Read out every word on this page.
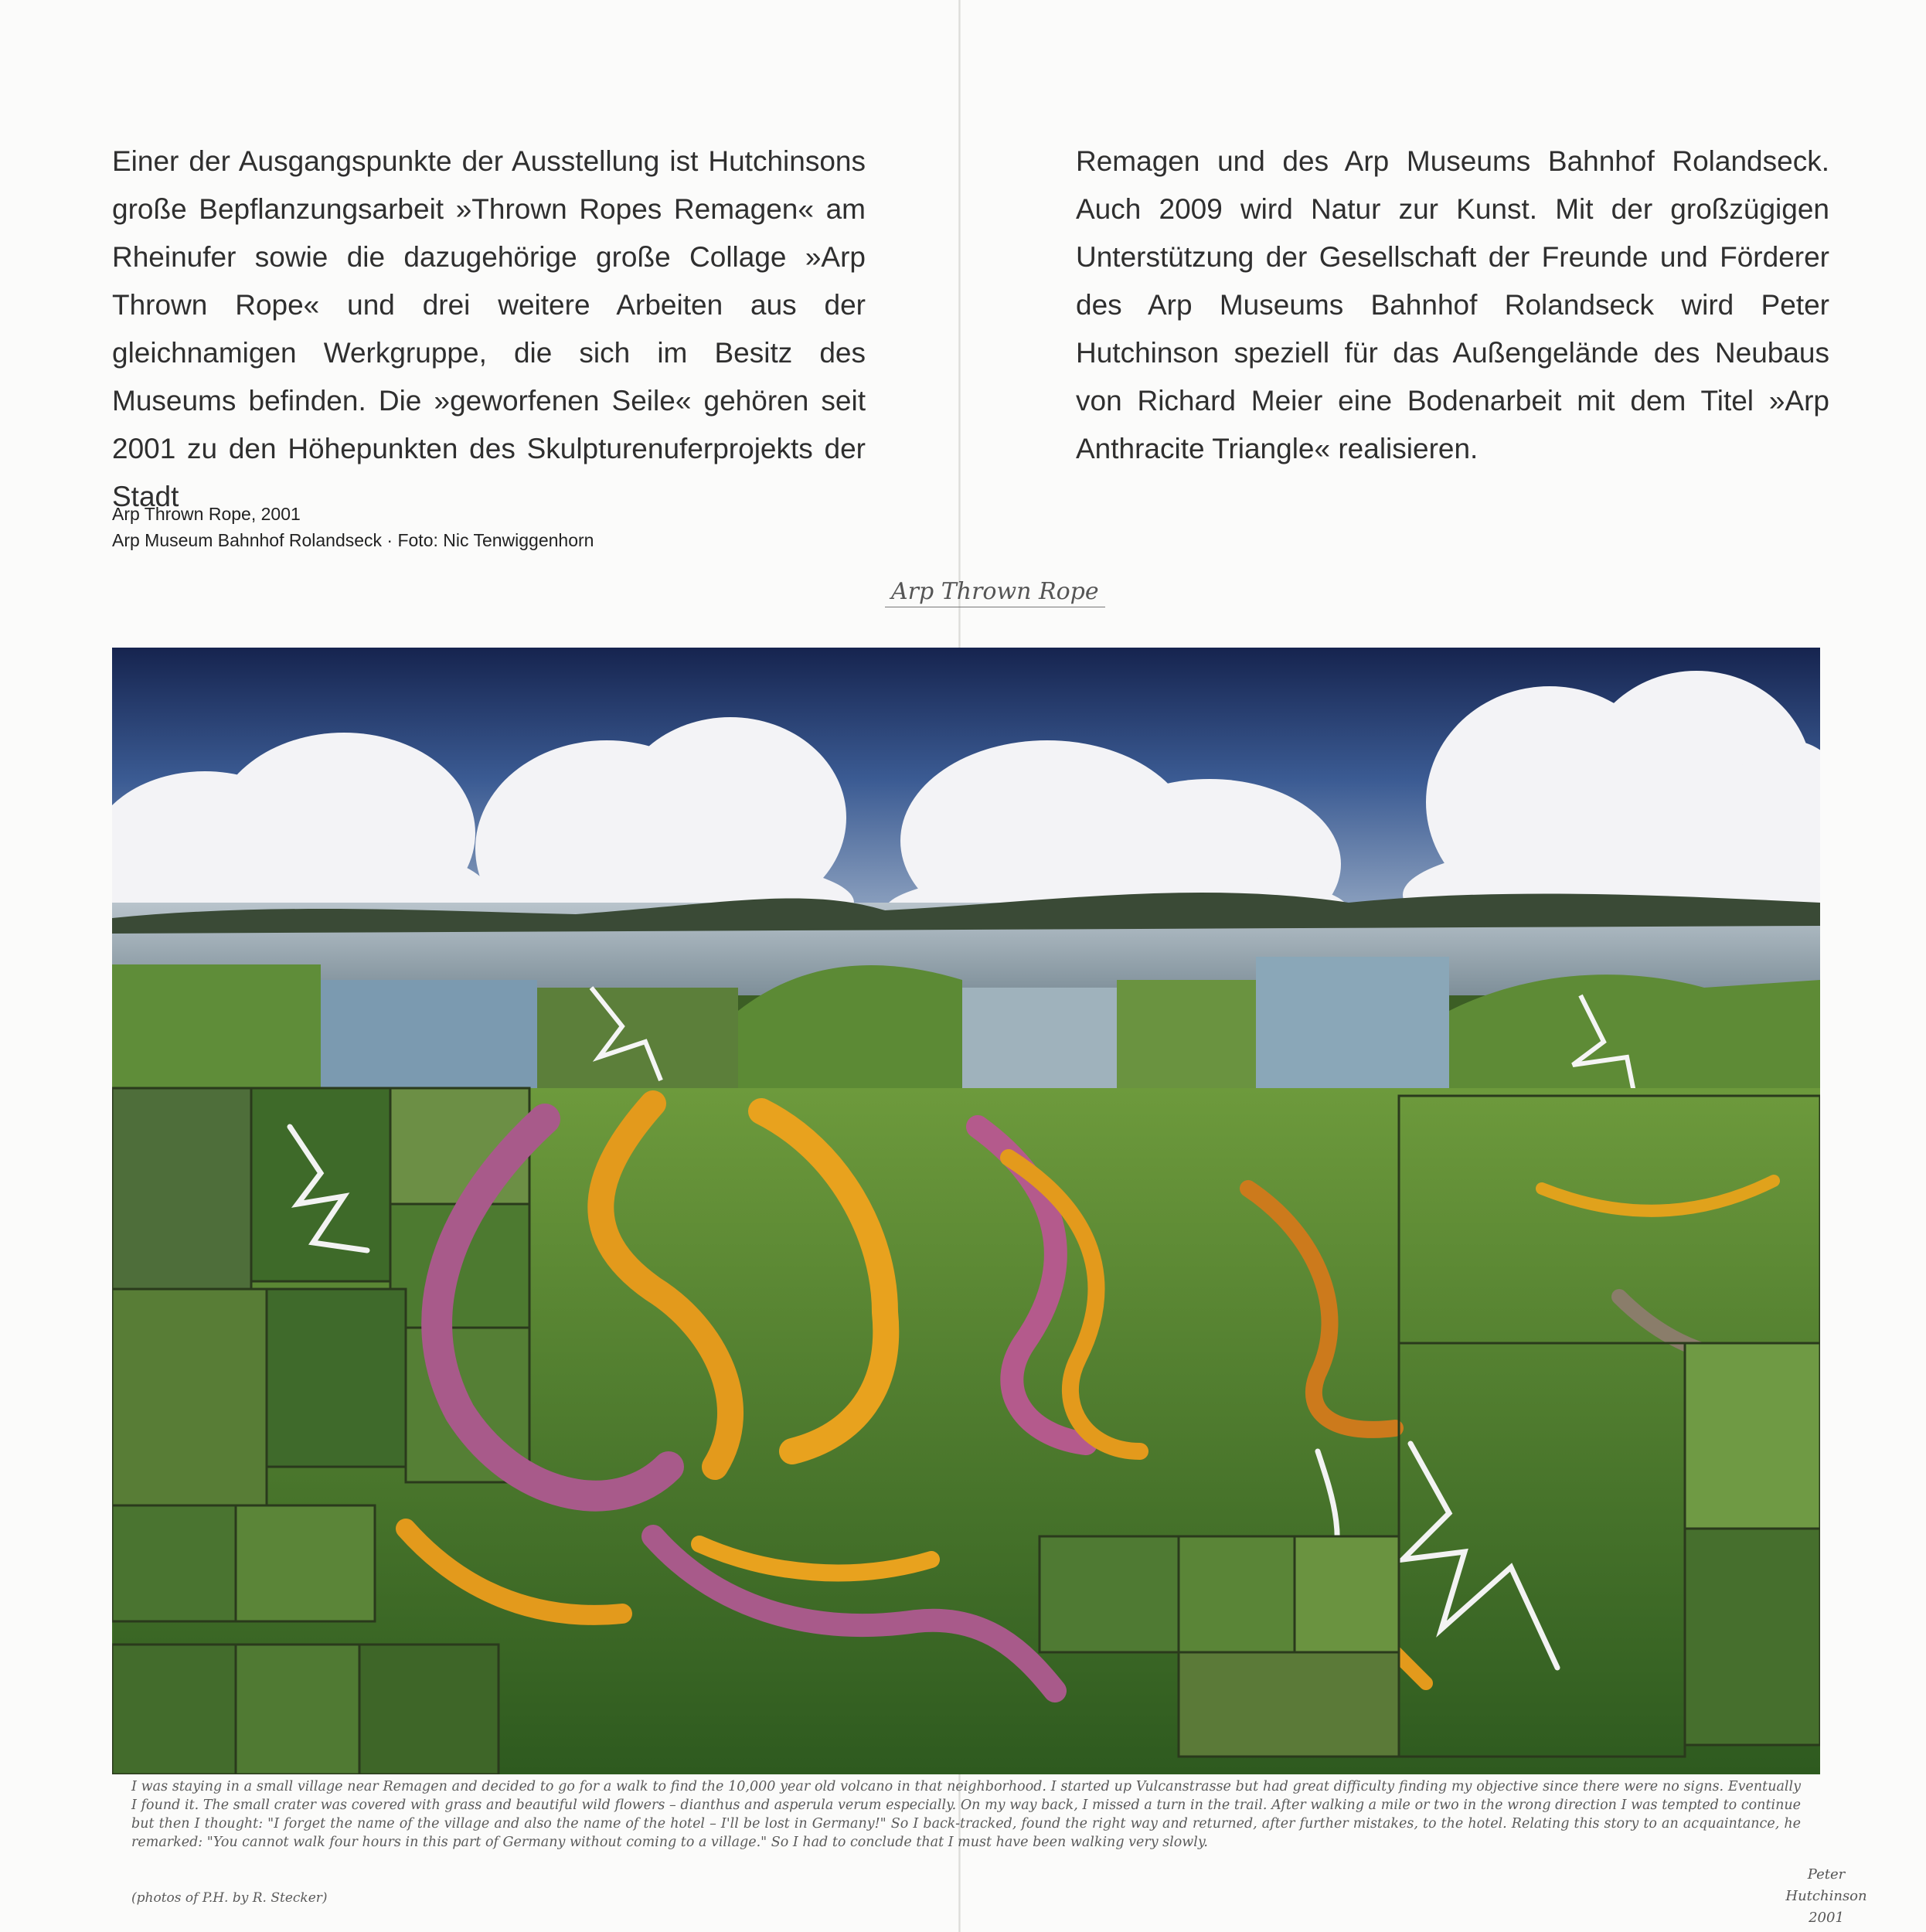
Einer der Ausgangspunkte der Ausstellung ist Hutchinsons große Bepflanzungsarbeit »Thrown Ropes Remagen« am Rheinufer sowie die dazugehörige große Collage »Arp Thrown Rope« und drei weitere Arbeiten aus der gleichnamigen Werkgruppe, die sich im Besitz des Museums befinden. Die »geworfenen Seile« gehören seit 2001 zu den Höhepunkten des Skulpturenuferprojekts der Stadt
Remagen und des Arp Museums Bahnhof Rolandseck. Auch 2009 wird Natur zur Kunst. Mit der großzügigen Unterstützung der Gesellschaft der Freunde und Förderer des Arp Museums Bahnhof Rolandseck wird Peter Hutchinson speziell für das Außengelände des Neubaus von Richard Meier eine Bodenarbeit mit dem Titel »Arp Anthracite Triangle« realisieren.
Arp Thrown Rope, 2001
Arp Museum Bahnhof Rolandseck · Foto: Nic Tenwiggenhorn
Arp Thrown Rope
I was staying in a small village near Remagen and decided to go for a walk to find the 10,000 year old volcano in that neighborhood. I started up Vulcanstrasse but had great difficulty finding my objective since there were no signs. Eventually I found it. The small crater was covered with grass and beautiful wild flowers – dianthus and asperula verum especially. On my way back, I missed a turn in the trail. After walking a mile or two in the wrong direction I was tempted to continue but then I thought: "I forget the name of the village and also the name of the hotel – I'll be lost in Germany!" So I back-tracked, found the right way and returned, after further mistakes, to the hotel. Relating this story to an acquaintance, he remarked: "You cannot walk four hours in this part of Germany without coming to a village." So I had to conclude that I must have been walking very slowly.
(photos of P.H. by R. Stecker)
Peter Hutchinson
2001
